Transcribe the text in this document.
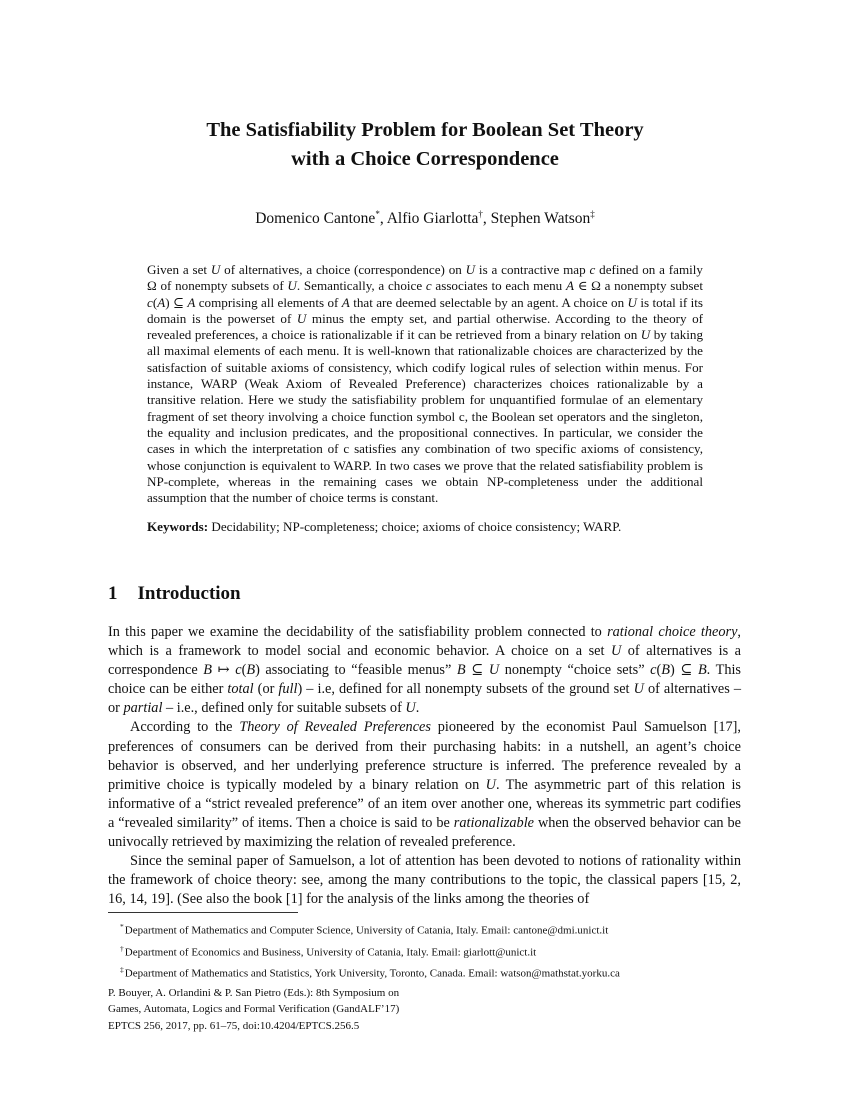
The Satisfiability Problem for Boolean Set Theory
with a Choice Correspondence
Domenico Cantone*, Alfio Giarlotta†, Stephen Watson‡

Given a set U of alternatives, a choice (correspondence) on U is a contractive map c defined on a family Ω of nonempty subsets of U. Semantically, a choice c associates to each menu A ∈ Ω a nonempty subset c(A) ⊆ A comprising all elements of A that are deemed selectable by an agent. A choice on U is total if its domain is the powerset of U minus the empty set, and partial otherwise. According to the theory of revealed preferences, a choice is rationalizable if it can be retrieved from a binary relation on U by taking all maximal elements of each menu. It is well-known that rationalizable choices are characterized by the satisfaction of suitable axioms of consistency, which codify logical rules of selection within menus. For instance, WARP (Weak Axiom of Revealed Preference) characterizes choices rationalizable by a transitive relation. Here we study the satisfiability problem for unquantified formulae of an elementary fragment of set theory involving a choice function symbol c, the Boolean set operators and the singleton, the equality and inclusion predicates, and the propositional connectives. In particular, we consider the cases in which the interpretation of c satisfies any combination of two specific axioms of consistency, whose conjunction is equivalent to WARP. In two cases we prove that the related satisfiability problem is NP-complete, whereas in the remaining cases we obtain NP-completeness under the additional assumption that the number of choice terms is constant.

Keywords: Decidability; NP-completeness; choice; axioms of choice consistency; WARP.

1 Introduction

In this paper we examine the decidability of the satisfiability problem connected to rational choice theory, which is a framework to model social and economic behavior. A choice on a set U of alternatives is a correspondence B ↦ c(B) associating to “feasible menus” B ⊆ U nonempty “choice sets” c(B) ⊆ B. This choice can be either total (or full) – i.e, defined for all nonempty subsets of the ground set U of alternatives – or partial – i.e., defined only for suitable subsets of U.

According to the Theory of Revealed Preferences pioneered by the economist Paul Samuelson [17], preferences of consumers can be derived from their purchasing habits: in a nutshell, an agent’s choice behavior is observed, and her underlying preference structure is inferred. The preference revealed by a primitive choice is typically modeled by a binary relation on U. The asymmetric part of this relation is informative of a “strict revealed preference” of an item over another one, whereas its symmetric part codifies a “revealed similarity” of items. Then a choice is said to be rationalizable when the observed behavior can be univocally retrieved by maximizing the relation of revealed preference.

Since the seminal paper of Samuelson, a lot of attention has been devoted to notions of rationality within the framework of choice theory: see, among the many contributions to the topic, the classical papers [15, 2, 16, 14, 19]. (See also the book [1] for the analysis of the links among the theories of

*Department of Mathematics and Computer Science, University of Catania, Italy. Email: cantone@dmi.unict.it
†Department of Economics and Business, University of Catania, Italy. Email: giarlott@unict.it
‡Department of Mathematics and Statistics, York University, Toronto, Canada. Email: watson@mathstat.yorku.ca
P. Bouyer, A. Orlandini & P. San Pietro (Eds.): 8th Symposium on
Games, Automata, Logics and Formal Verification (GandALF’17)
EPTCS 256, 2017, pp. 61–75, doi:10.4204/EPTCS.256.5
